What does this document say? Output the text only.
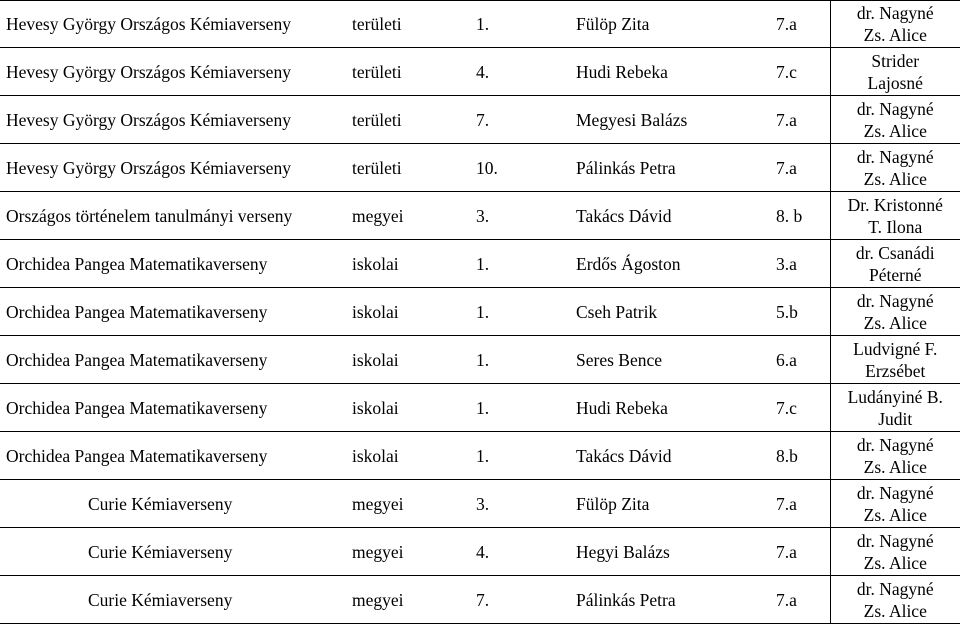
Hevesy György Országos Kémiaverseny	területi	1.	Fülöp Zita	7.a	dr. Nagyné
Zs. Alice

Hevesy György Országos Kémiaverseny	területi	4.	Hudi Rebeka	7.c	Strider
Lajosné

Hevesy György Országos Kémiaverseny	területi	7.	Megyesi Balázs	7.a	dr. Nagyné
Zs. Alice

Hevesy György Országos Kémiaverseny	területi	10.	Pálinkás Petra	7.a	dr. Nagyné
Zs. Alice

Országos történelem tanulmányi verseny	megyei	3.	Takács Dávid	8. b	Dr. Kristonné
T. Ilona

Orchidea Pangea Matematikaverseny	iskolai	1.	Erdős Ágoston	3.a	dr. Csanádi
Péterné

Orchidea Pangea Matematikaverseny	iskolai	1.	Cseh Patrik	5.b	dr. Nagyné
Zs. Alice

Orchidea Pangea Matematikaverseny	iskolai	1.	Seres Bence	6.a	Ludvigné F.
Erzsébet

Orchidea Pangea Matematikaverseny	iskolai	1.	Hudi Rebeka	7.c	Ludányiné B.
Judit

Orchidea Pangea Matematikaverseny	iskolai	1.	Takács Dávid	8.b	dr. Nagyné
Zs. Alice

Curie Kémiaverseny	megyei	3.	Fülöp Zita	7.a	dr. Nagyné
Zs. Alice

Curie Kémiaverseny	megyei	4.	Hegyi Balázs	7.a	dr. Nagyné
Zs. Alice

Curie Kémiaverseny	megyei	7.	Pálinkás Petra	7.a	dr. Nagyné
Zs. Alice
